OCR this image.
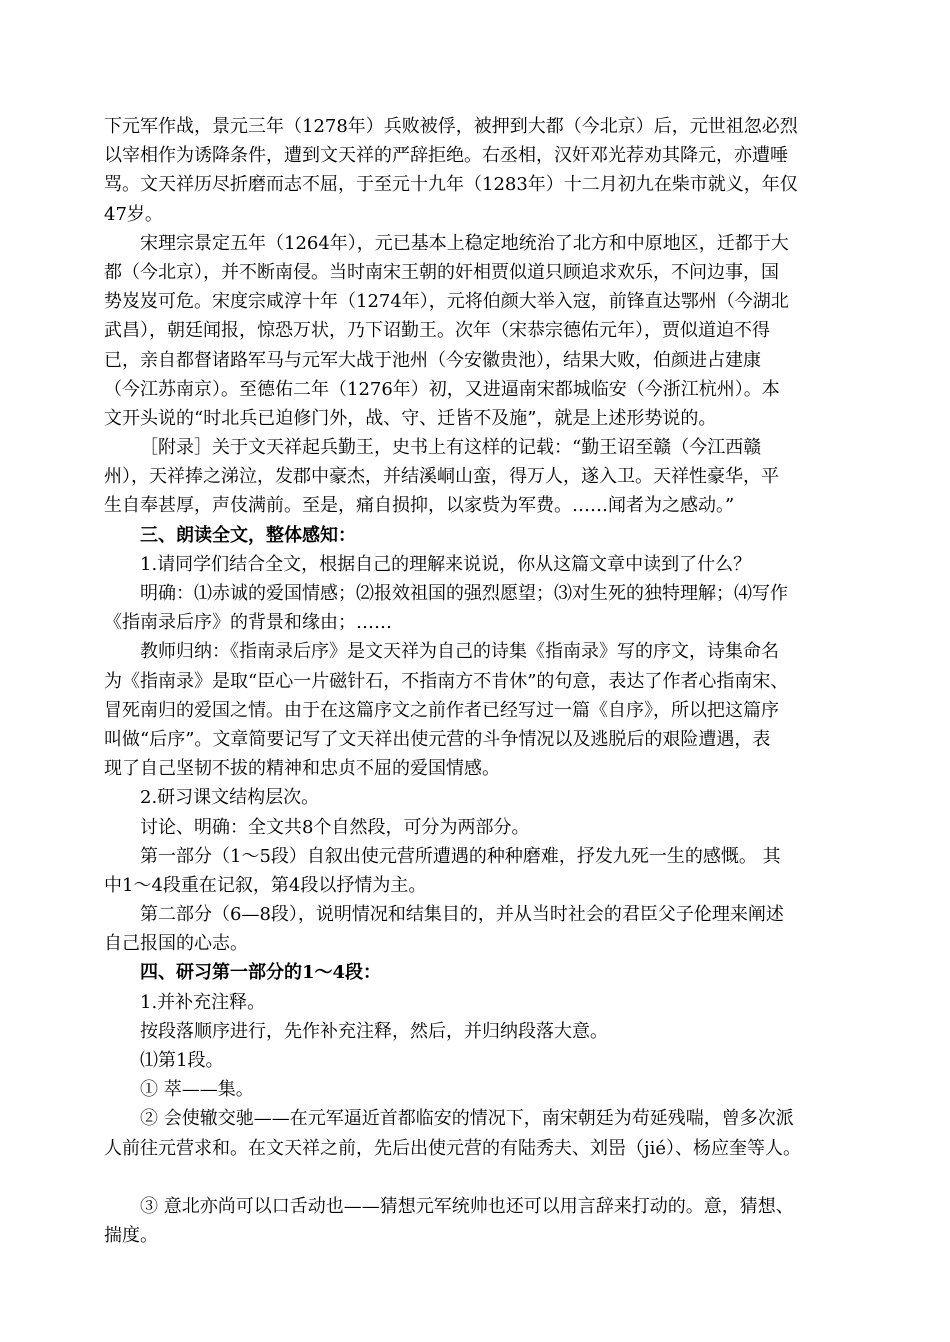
下元军作战，景元三年（1278年）兵败被俘，被押到大都（今北京）后，元世祖忽必烈
以宰相作为诱降条件，遭到文天祥的严辞拒绝。右丞相，汉奸邓光荐劝其降元，亦遭唾
骂。文天祥历尽折磨而志不屈，于至元十九年（1283年）十二月初九在柴市就义，年仅
47岁。
宋理宗景定五年（1264年），元已基本上稳定地统治了北方和中原地区，迁都于大
都（今北京），并不断南侵。当时南宋王朝的奸相贾似道只顾追求欢乐，不问边事，国
势岌岌可危。宋度宗咸淳十年（1274年），元将伯颜大举入寇，前锋直达鄂州（今湖北
武昌），朝廷闻报，惊恐万状，乃下诏勤王。次年（宋恭宗德佑元年），贾似道迫不得
已，亲自都督诸路军马与元军大战于池州（今安徽贵池），结果大败，伯颜进占建康
（今江苏南京）。至德佑二年（1276年）初，又进逼南宋都城临安（今浙江杭州）。本
文开头说的“时北兵已迫修门外，战、守、迁皆不及施”，就是上述形势说的。
［附录］关于文天祥起兵勤王，史书上有这样的记载：“勤王诏至赣（今江西赣
州），天祥捧之涕泣，发郡中豪杰，并结溪峒山蛮，得万人，遂入卫。天祥性豪华，平
生自奉甚厚，声伎满前。至是，痛自损抑，以家赀为军费。……闻者为之感动。”
三、朗读全文，整体感知：
1.请同学们结合全文，根据自己的理解来说说，你从这篇文章中读到了什么？
明确：⑴赤诚的爱国情感；⑵报效祖国的强烈愿望；⑶对生死的独特理解；⑷写作
《指南录后序》的背景和缘由；……
教师归纳：《指南录后序》是文天祥为自己的诗集《指南录》写的序文，诗集命名
为《指南录》是取“臣心一片磁针石，不指南方不肯休”的句意，表达了作者心指南宋、
冒死南归的爱国之情。由于在这篇序文之前作者已经写过一篇《自序》，所以把这篇序
叫做“后序”。文章简要记写了文天祥出使元营的斗争情况以及逃脱后的艰险遭遇，表
现了自己坚韧不拔的精神和忠贞不屈的爱国情感。
2.研习课文结构层次。
讨论、明确：全文共8个自然段，可分为两部分。
第一部分（1～5段）自叙出使元营所遭遇的种种磨难，抒发九死一生的感慨。 其
中1～4段重在记叙，第4段以抒情为主。
第二部分（6—8段），说明情况和结集目的，并从当时社会的君臣父子伦理来阐述
自己报国的心志。
四、研习第一部分的1～4段：
1.并补充注释。
按段落顺序进行，先作补充注释，然后，并归纳段落大意。
⑴第1段。
① 萃——集。
② 会使辙交驰——在元军逼近首都临安的情况下，南宋朝廷为苟延残喘，曾多次派
人前往元营求和。在文天祥之前，先后出使元营的有陆秀夫、刘岊（jié）、杨应奎等人。
③ 意北亦尚可以口舌动也——猜想元军统帅也还可以用言辞来打动的。意，猜想、
揣度。
